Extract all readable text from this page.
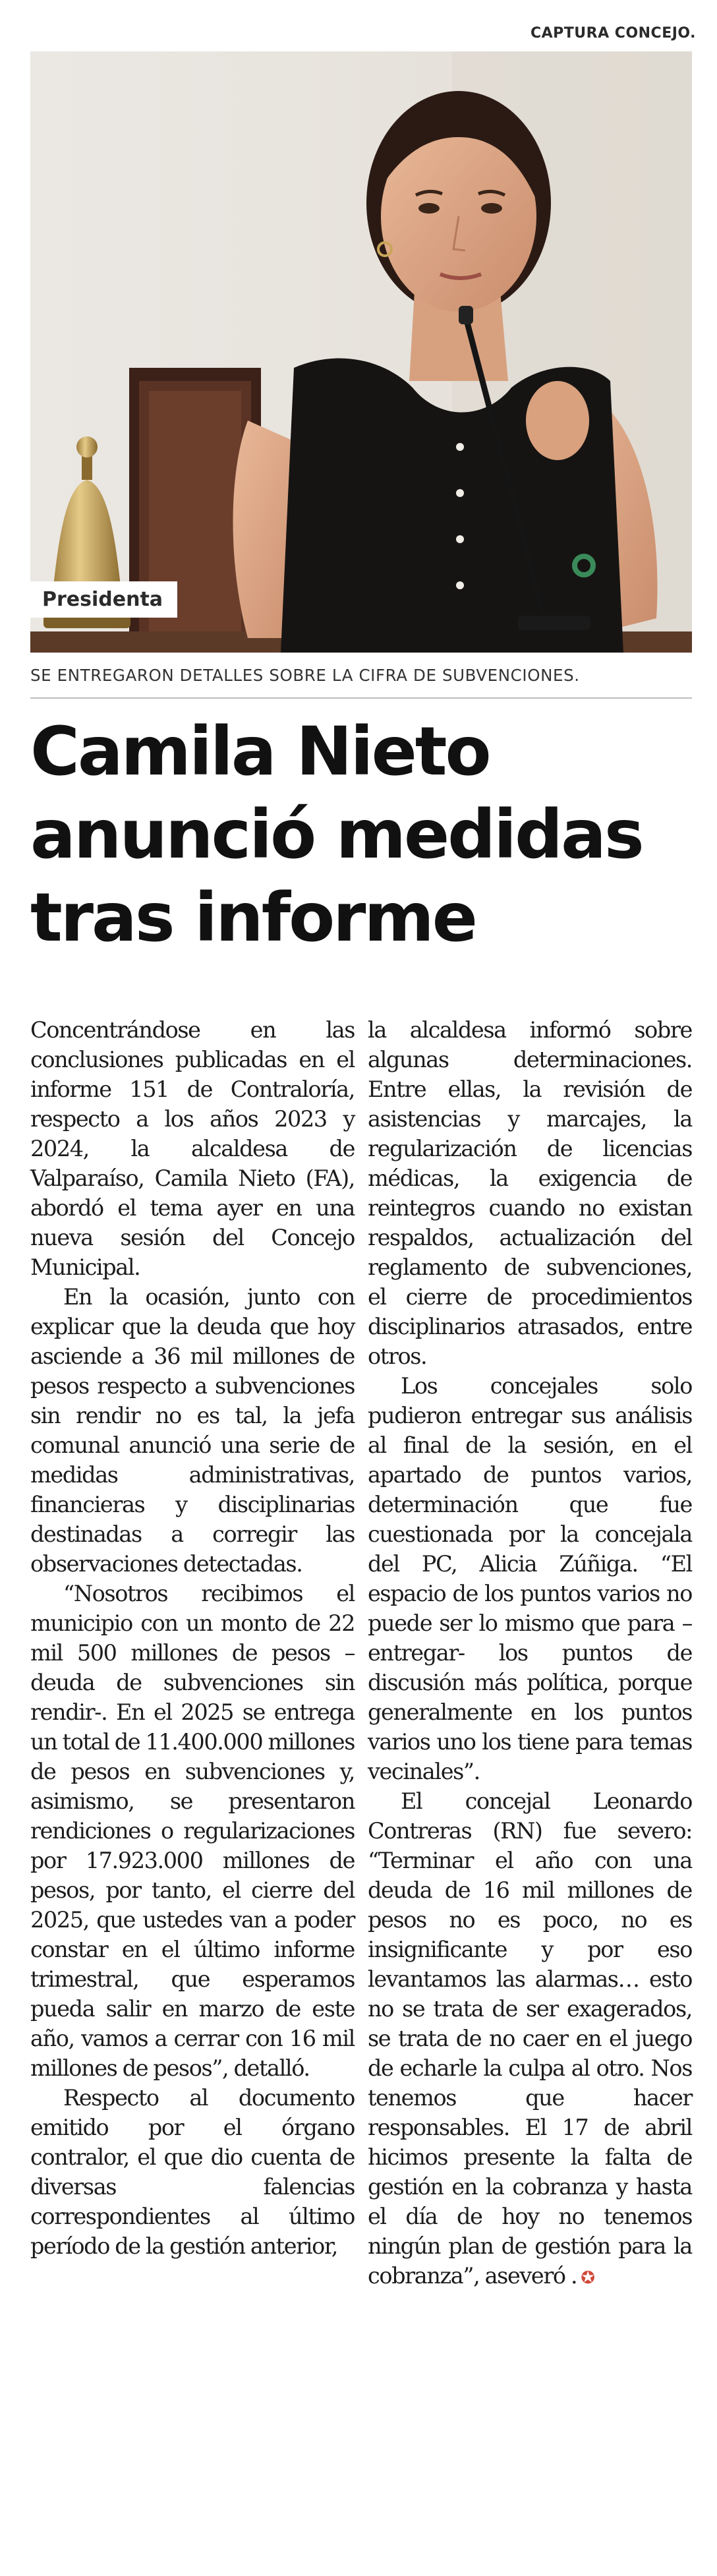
CAPTURA CONCEJO.
Presidenta
SE ENTREGARON DETALLES SOBRE LA CIFRA DE SUBVENCIONES.
Camila Nieto
anunció medidas
tras informe

Concentrándose en las conclusiones publicadas en el informe 151 de Contraloría, respecto a los años 2023 y 2024, la alcaldesa de Valparaíso, Camila Nieto (FA), abordó el tema ayer en una nueva sesión del Concejo Municipal.

En la ocasión, junto con explicar que la deuda que hoy asciende a 36 mil millones de pesos respecto a subvenciones sin rendir no es tal, la jefa comunal anunció una serie de medidas administrativas, financieras y disciplinarias destinadas a corregir las observaciones detectadas.

“Nosotros recibimos el municipio con un monto de 22 mil 500 millones de pesos –deuda de subvenciones sin rendir-. En el 2025 se entrega un total de 11.400.000 millones de pesos en subvenciones y, asimismo, se presentaron rendiciones o regularizaciones por 17.923.000 millones de pesos, por tanto, el cierre del 2025, que ustedes van a poder constar en el último informe trimestral, que esperamos pueda salir en marzo de este año, vamos a cerrar con 16 mil millones de pesos”, detalló.

Respecto al documento emitido por el órgano contralor, el que dio cuenta de diversas falencias correspondientes al último período de la gestión anterior,

la alcaldesa informó sobre algunas determinaciones. Entre ellas, la revisión de asistencias y marcajes, la regularización de licencias médicas, la exigencia de reintegros cuando no existan respaldos, actualización del reglamento de subvenciones, el cierre de procedimientos disciplinarios atrasados, entre otros.

Los concejales solo pudieron entregar sus análisis al final de la sesión, en el apartado de puntos varios, determinación que fue cuestionada por la concejala del PC, Alicia Zúñiga. “El espacio de los puntos varios no puede ser lo mismo que para –entregar- los puntos de discusión más política, porque generalmente en los puntos varios uno los tiene para temas vecinales”.

El concejal Leonardo Contreras (RN) fue severo: “Terminar el año con una deuda de 16 mil millones de pesos no es poco, no es insignificante y por eso levantamos las alarmas… esto no se trata de ser exagerados, se trata de no caer en el juego de echarle la culpa al otro. Nos tenemos que hacer responsables. El 17 de abril hicimos presente la falta de gestión en la cobranza y hasta el día de hoy no tenemos ningún plan de gestión para la cobranza”, aseveró . ✪
